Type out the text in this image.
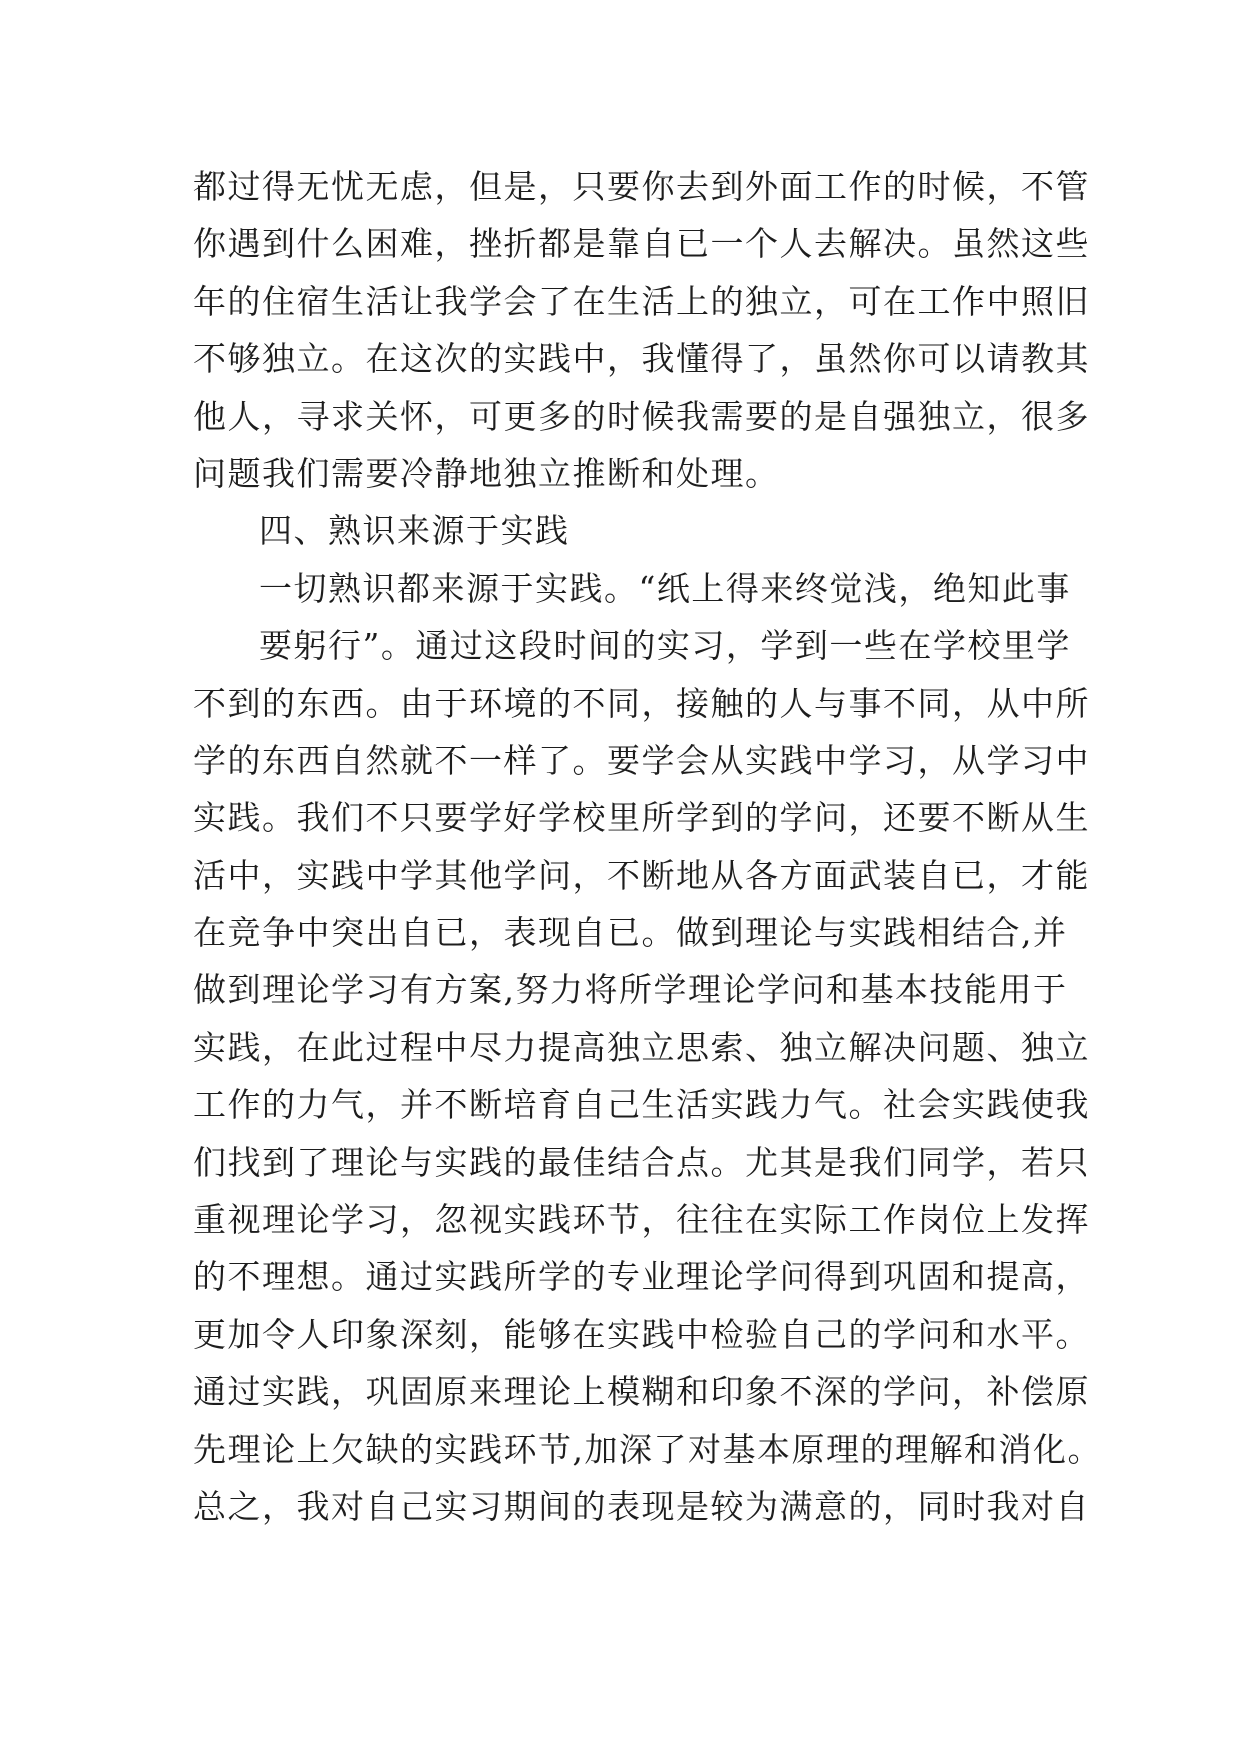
都过得无忧无虑，但是，只要你去到外面工作的时候，不管
你遇到什么困难，挫折都是靠自已一个人去解决。虽然这些
年的住宿生活让我学会了在生活上的独立，可在工作中照旧
不够独立。在这次的实践中，我懂得了，虽然你可以请教其
他人，寻求关怀，可更多的时候我需要的是自强独立，很多
问题我们需要冷静地独立推断和处理。
四、熟识来源于实践
一切熟识都来源于实践。“纸上得来终觉浅，绝知此事
要躬行”。通过这段时间的实习，学到一些在学校里学
不到的东西。由于环境的不同，接触的人与事不同，从中所
学的东西自然就不一样了。要学会从实践中学习，从学习中
实践。我们不只要学好学校里所学到的学问，还要不断从生
活中，实践中学其他学问，不断地从各方面武装自已，才能
在竞争中突出自已，表现自已。做到理论与实践相结合,并
做到理论学习有方案,努力将所学理论学问和基本技能用于
实践，在此过程中尽力提高独立思索、独立解决问题、独立
工作的力气，并不断培育自己生活实践力气。社会实践使我
们找到了理论与实践的最佳结合点。尤其是我们同学，若只
重视理论学习，忽视实践环节，往往在实际工作岗位上发挥
的不理想。通过实践所学的专业理论学问得到巩固和提高，
更加令人印象深刻，能够在实践中检验自己的学问和水平。
通过实践，巩固原来理论上模糊和印象不深的学问，补偿原
先理论上欠缺的实践环节,加深了对基本原理的理解和消化。
总之，我对自己实习期间的表现是较为满意的，同时我对自
